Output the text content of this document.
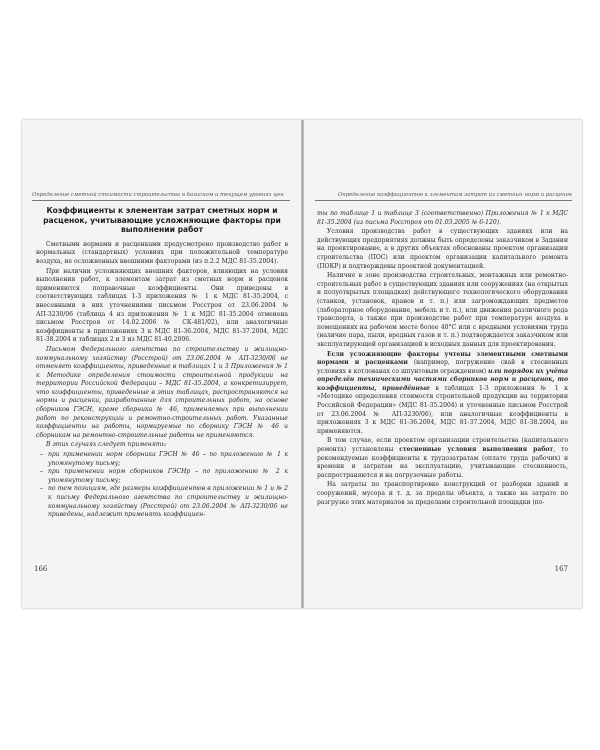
Определение сметной стоимости строительства в базисном и текущем уровнях цен
Коэффициенты к элементам затрат сметных норм и расценок, учитывающие усложняющие факторы при выполнении работ

Сметными нормами и расценками предусмотрено производство работ в нормальных (стандартных) условиях при положительной температуре воздуха, не осложненных внешними факторами (из п.2.2 МДС 81-35.2004).

При наличии усложняющих внешних факторов, влияющих на условия выполнения работ, к элементам затрат из сметных норм и расценок применяются поправочные коэффициенты. Они приведены в соответствующих таблицах 1-3 приложения № 1 к МДС 81-35.2004, с внесенными в них уточнениями письмом Росстроя от 23.06.2004 № АП-3230/06 (таблица 4 из приложения № 1 к МДС 81-35.2004 отменена письмом Росстроя от 14.02.2006 № СК-481/02), или аналогичные коэффициенты в приложениях 3 к МДС 81-36.2004, МДС 81-37.2004, МДС 81-38.2004 и таблицах 2 и 3 из МДС 81-40.2006.

Письмом Федерального агентства по строительству и жилищно-коммунальному хозяйству (Росстрой) от 23.06.2004 № АП-3230/06 не отменяет коэффициенты, приведенные в таблицах 1 и 3 Приложения № 1 к Методике определения стоимости строительной продукции на территории Российской Федерации – МДС 81-35.2004, а конкретизирует, что коэффициенты, приведенные в этих таблицах, распространяются на нормы и расценки, разработанные для строительных работ, на основе сборников ГЭСН, кроме сборника № 46, применяемых при выполнении работ по реконструкции и ремонтно-строительных работ. Указанные коэффициенты на работы, нормируемые по сборнику ГЭСН № 46 и сборникам на ремонтно-строительные работы не применяются.

В этих случаях следует применять:

– при применении норм сборника ГЭСН № 46 – по приложению № 1 к упомянутому письму;
– при применении норм сборников ГЭСНр – по приложению № 2 к упомянутому письму;
– по тем позициям, где размеры коэффициентов в приложении № 1 и № 2 к письму Федерального агентства по строительству и жилищно-коммунальному хозяйству (Росстрой) от 23.06.2004 № АП-3230/06 не приведены, надлежит применять коэффициен-
166
Определение коэффициентов к элементам затрат из сметных норм и расценок

ты по таблице 1 и таблице 3 (соответственно) Приложения № 1 к МДС 81-35.2004 (из письма Росстроя от 01.03.2005 № 6-120).

Условия производства работ в существующих зданиях или на действующих предприятиях должны быть определены заказчиком в Задании на проектирование, а в других объектах обоснованы проектом организации строительства (ПОС) или проектом организации капитального ремонта (ПОКР) и подтверждены проектной документацией.

Наличие в зоне производства строительных, монтажных или ремонтно-строительных работ в существующих зданиях или сооружениях (на открытых и полуоткрытых площадках) действующего технологического оборудования (станков, установок, кранов и т. п.) или загромождающих предметов (лабораторное оборудование, мебель и т. п.), или движения различного рода транспорта, а также при производстве работ при температуре воздуха в помещениях на рабочем месте более 40°С или с вредными условиями труда (наличие пара, пыли, вредных газов и т. п.) подтверждается заказчиком или эксплуатирующей организацией в исходных данных для проектирования.

Если усложняющие факторы учтены элементными сметными нормами и расценками (например, погружение свай в стесненных условиях в котлованах со шпунтовым ограждением) или порядок их учёта определён техническими частями сборников норм и расценок, то коэффициенты, приведённые в таблицах 1-3 приложения № 1 к «Методике определения стоимости строительной продукции на территории Российской Федерации» (МДС 81-35.2004) и уточненные письмом Росстрой от 23.06.2004 № АП-3230/06), или аналогичные коэффициенты в приложениях 3 к МДС 81-36.2004, МДС 81-37.2004, МДС 81-38.2004, не применяются.

В том случае, если проектом организации строительства (капитального ремонта) установлены стесненные условия выполнения работ, то рекомендуемые коэффициенты к трудозатратам (оплате труда рабочих) и времени и затратам на эксплуатацию, учитывающие стесненность, распространяются и на погрузочные работы.

На затраты по транспортировке конструкций от разборки зданий и сооружений, мусора и т. д. за пределы объекта, а также на затрате по разгрузке этих материалов за пределами строительной площадки (по-

167
